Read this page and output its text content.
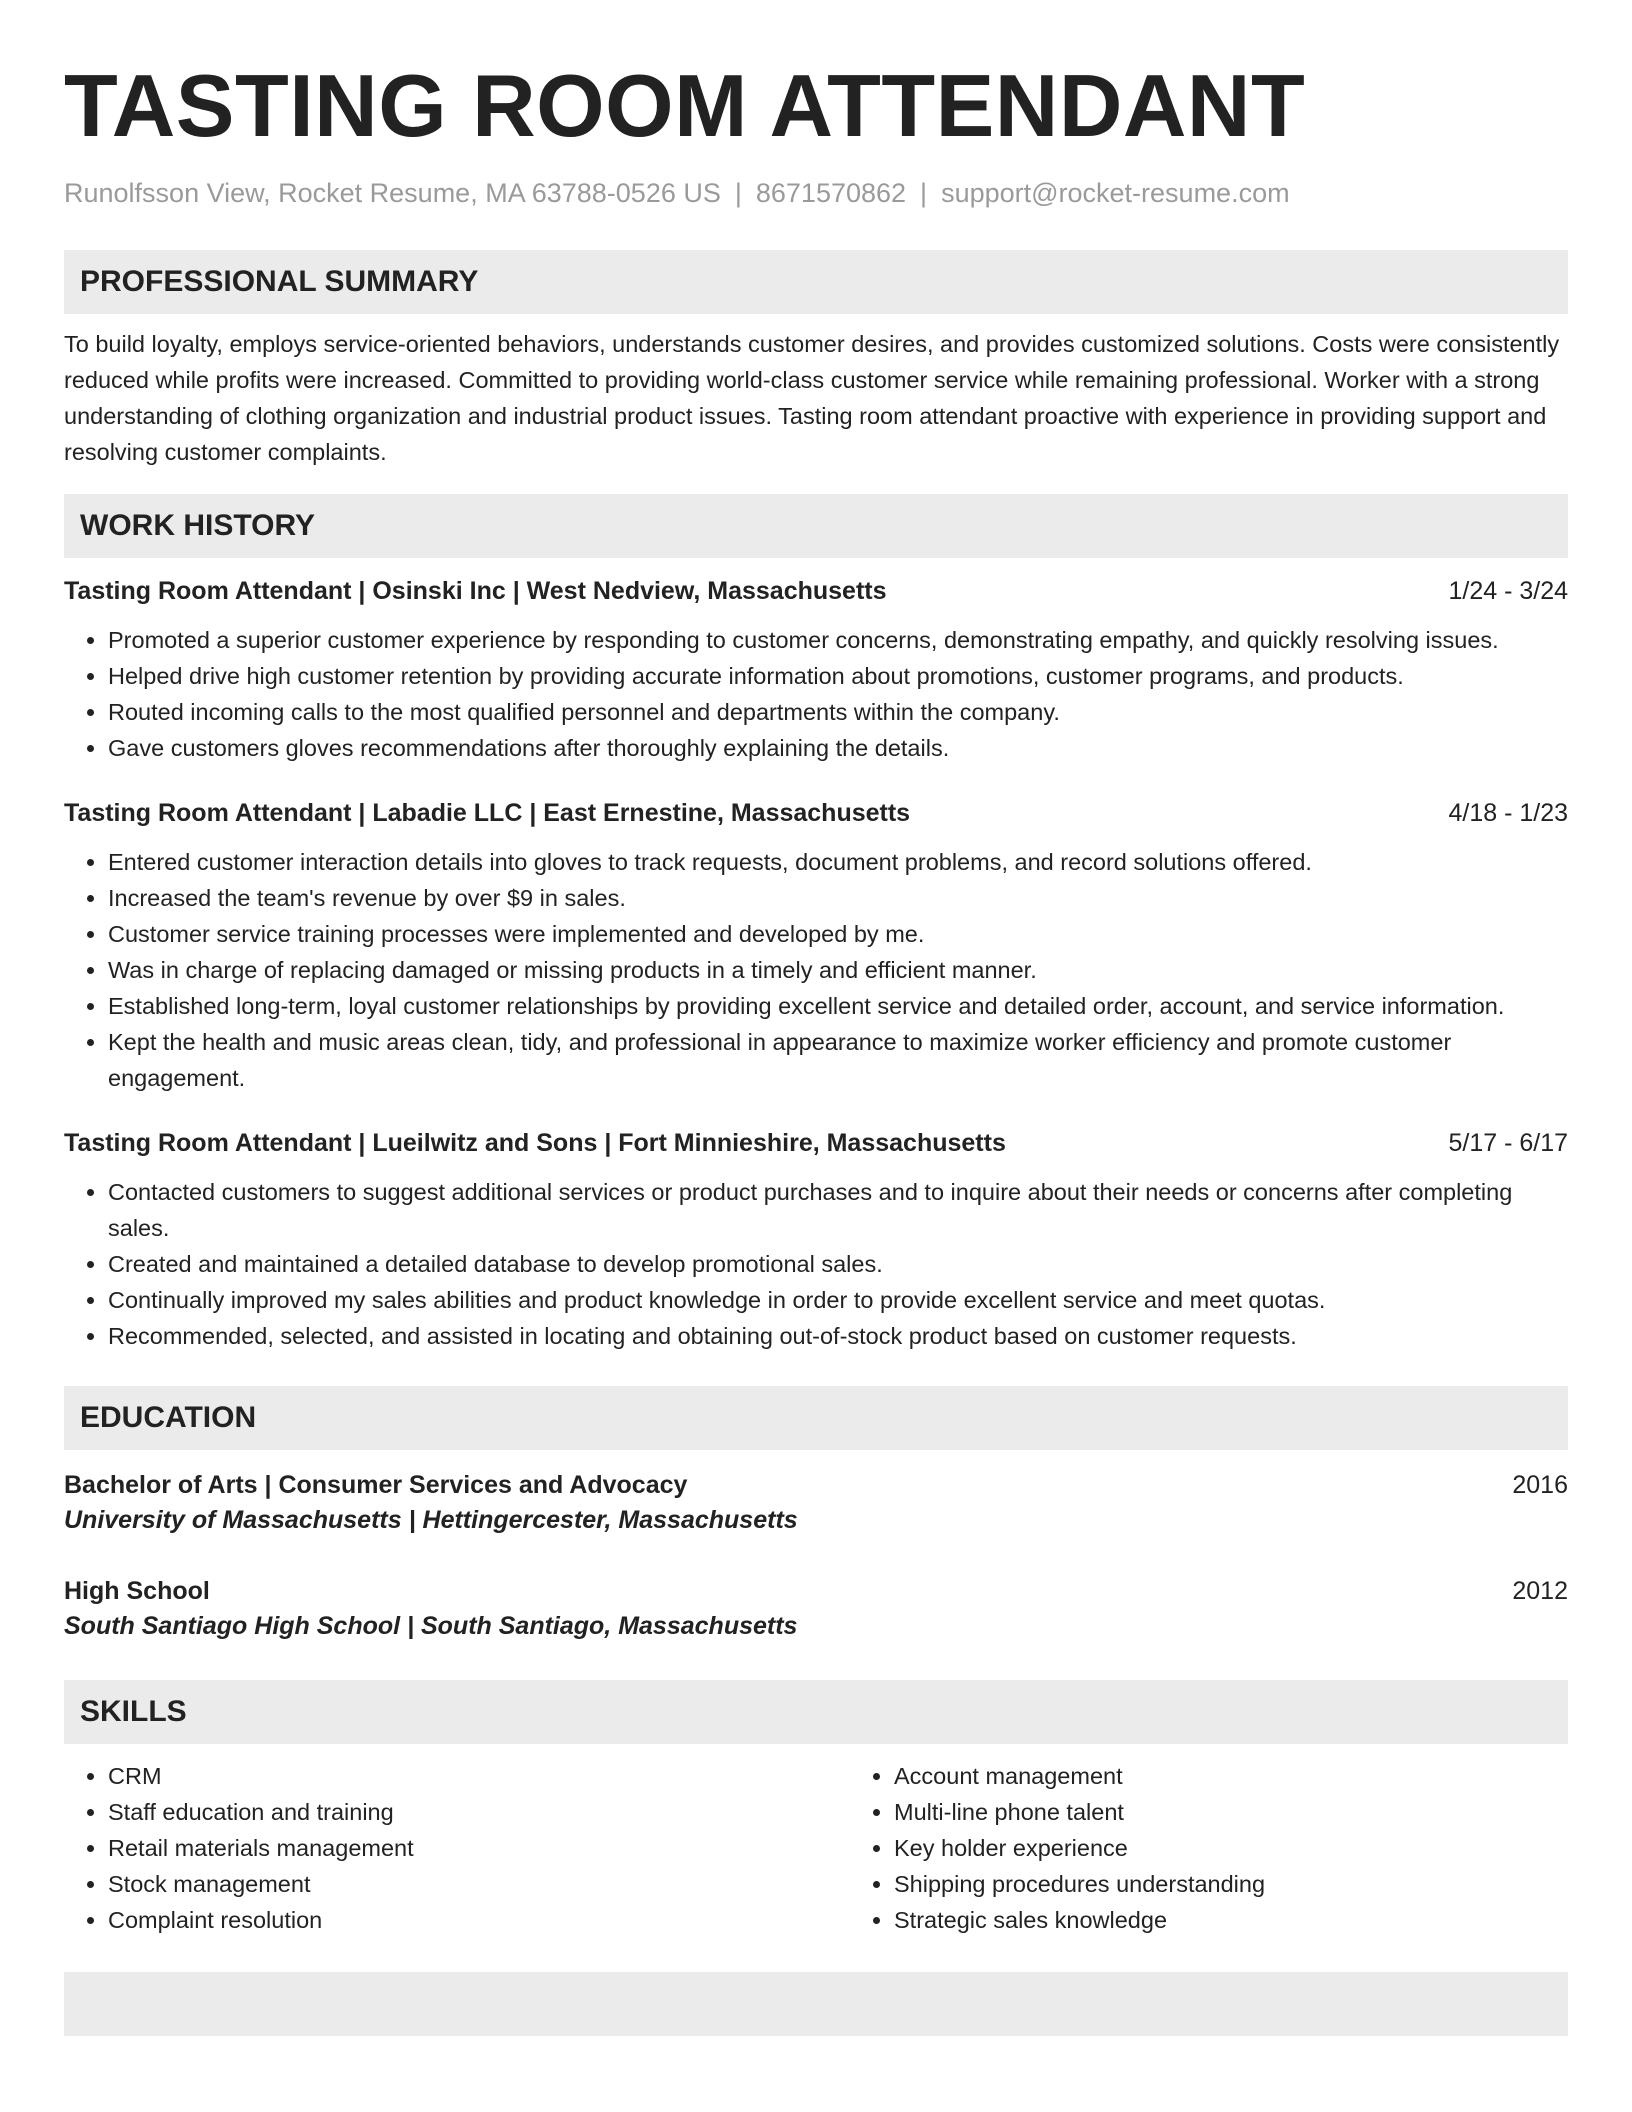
TASTING ROOM ATTENDANT
Runolfsson View, Rocket Resume, MA 63788-0526 US | 8671570862 | support@rocket-resume.com
PROFESSIONAL SUMMARY

To build loyalty, employs service-oriented behaviors, understands customer desires, and provides customized solutions. Costs were consistently reduced while profits were increased. Committed to providing world-class customer service while remaining professional. Worker with a strong understanding of clothing organization and industrial product issues. Tasting room attendant proactive with experience in providing support and resolving customer complaints.

WORK HISTORY
Tasting Room Attendant | Osinski Inc | West Nedview, Massachusetts	1/24 - 3/24
• Promoted a superior customer experience by responding to customer concerns, demonstrating empathy, and quickly resolving issues.
• Helped drive high customer retention by providing accurate information about promotions, customer programs, and products.
• Routed incoming calls to the most qualified personnel and departments within the company.
• Gave customers gloves recommendations after thoroughly explaining the details.
Tasting Room Attendant | Labadie LLC | East Ernestine, Massachusetts	4/18 - 1/23
• Entered customer interaction details into gloves to track requests, document problems, and record solutions offered.
• Increased the team's revenue by over $9 in sales.
• Customer service training processes were implemented and developed by me.
• Was in charge of replacing damaged or missing products in a timely and efficient manner.
• Established long-term, loyal customer relationships by providing excellent service and detailed order, account, and service information.
• Kept the health and music areas clean, tidy, and professional in appearance to maximize worker efficiency and promote customer engagement.
Tasting Room Attendant | Lueilwitz and Sons | Fort Minnieshire, Massachusetts	5/17 - 6/17
• Contacted customers to suggest additional services or product purchases and to inquire about their needs or concerns after completing sales.
• Created and maintained a detailed database to develop promotional sales.
• Continually improved my sales abilities and product knowledge in order to provide excellent service and meet quotas.
• Recommended, selected, and assisted in locating and obtaining out-of-stock product based on customer requests.
EDUCATION
Bachelor of Arts | Consumer Services and Advocacy	2016
University of Massachusetts | Hettingercester, Massachusetts
High School	2012
South Santiago High School | South Santiago, Massachusetts
SKILLS
• CRM
• Staff education and training
• Retail materials management
• Stock management
• Complaint resolution
• Account management
• Multi-line phone talent
• Key holder experience
• Shipping procedures understanding
• Strategic sales knowledge
